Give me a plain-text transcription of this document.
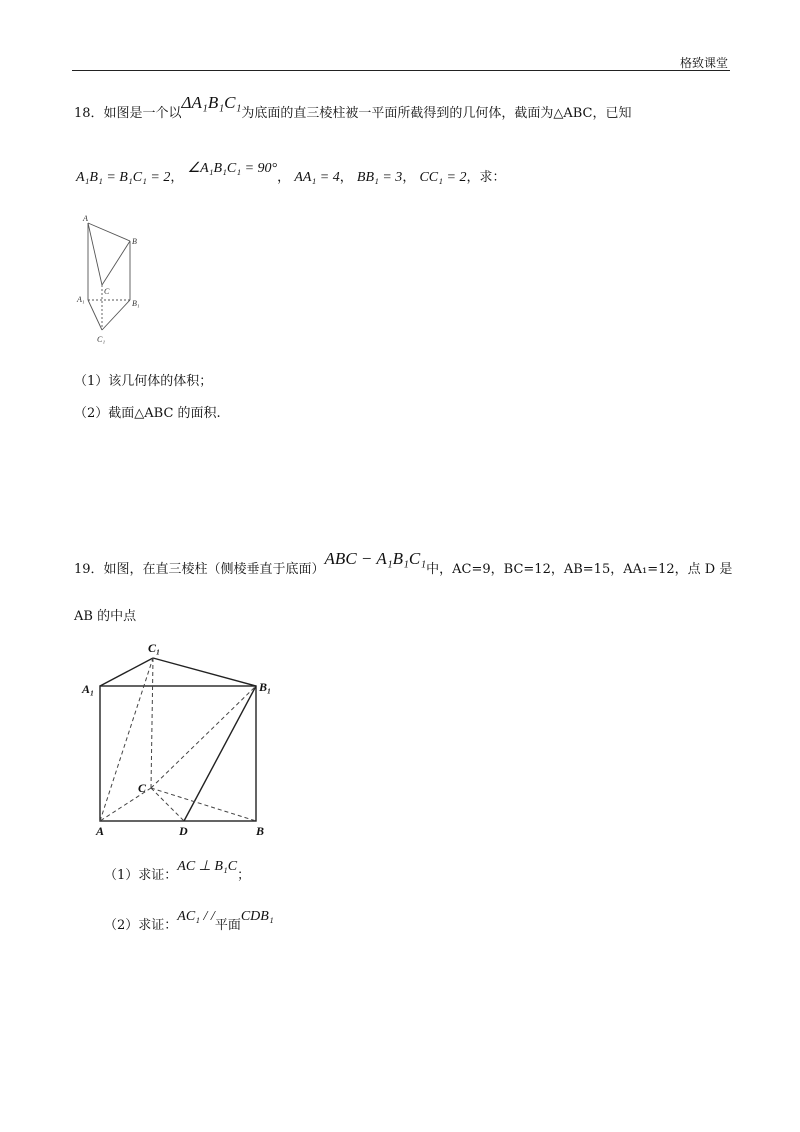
格致课堂
18．如图是一个以ΔA₁B₁C₁为底面的直三棱柱被一平面所截得到的几何体，截面为△ABC，已知
A₁B₁ = B₁C₁ = 2， ∠A₁B₁C₁ = 90°， AA₁ = 4， BB₁ = 3， CC₁ = 2，求：
A
B
C
A₁	B₁
C₁
（1）该几何体的体积；
（2）截面△ABC 的面积.
19．如图，在直三棱柱（侧棱垂直于底面）ABC − A₁B₁C₁中，AC=9，BC=12，AB=15，AA₁=12，点 D 是
AB 的中点
C₁
A₁	B₁
C
A	D	B
（1）求证：AC ⊥ B₁C；
（2）求证：AC₁ / /平面CDB₁
